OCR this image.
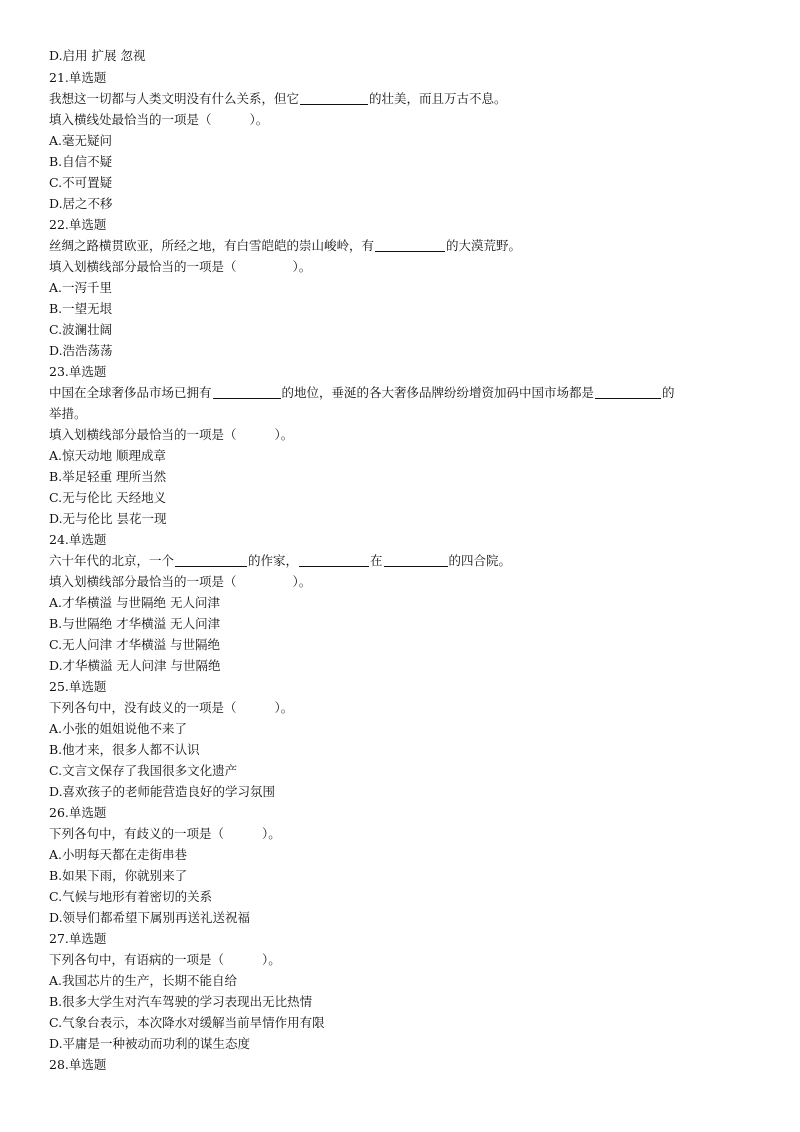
D.启用 扩展 忽视
21.单选题
我想这一切都与人类文明没有什么关系，但它	的壮美，而且万古不息。
填入横线处最恰当的一项是（	）。
A.毫无疑问
B.自信不疑
C.不可置疑
D.居之不移
22.单选题
丝绸之路横贯欧亚，所经之地，有白雪皑皑的崇山峻岭，有	的大漠荒野。
填入划横线部分最恰当的一项是（	）。
A.一泻千里
B.一望无垠
C.波澜壮阔
D.浩浩荡荡
23.单选题
中国在全球奢侈品市场已拥有	的地位，垂涎的各大奢侈品牌纷纷增资加码中国市场都是	的
举措。
填入划横线部分最恰当的一项是（	）。
A.惊天动地 顺理成章
B.举足轻重 理所当然
C.无与伦比 天经地义
D.无与伦比 昙花一现
24.单选题
六十年代的北京，一个	的作家，	在	的四合院。
填入划横线部分最恰当的一项是（	）。
A.才华横溢 与世隔绝 无人问津
B.与世隔绝 才华横溢 无人问津
C.无人问津 才华横溢 与世隔绝
D.才华横溢 无人问津 与世隔绝
25.单选题
下列各句中，没有歧义的一项是（	）。
A.小张的姐姐说他不来了
B.他才来，很多人都不认识
C.文言文保存了我国很多文化遗产
D.喜欢孩子的老师能营造良好的学习氛围
26.单选题
下列各句中，有歧义的一项是（	）。
A.小明每天都在走街串巷
B.如果下雨，你就别来了
C.气候与地形有着密切的关系
D.领导们都希望下属别再送礼送祝福
27.单选题
下列各句中，有语病的一项是（	）。
A.我国芯片的生产，长期不能自给
B.很多大学生对汽车驾驶的学习表现出无比热情
C.气象台表示，本次降水对缓解当前旱情作用有限
D.平庸是一种被动而功利的谋生态度
28.单选题
